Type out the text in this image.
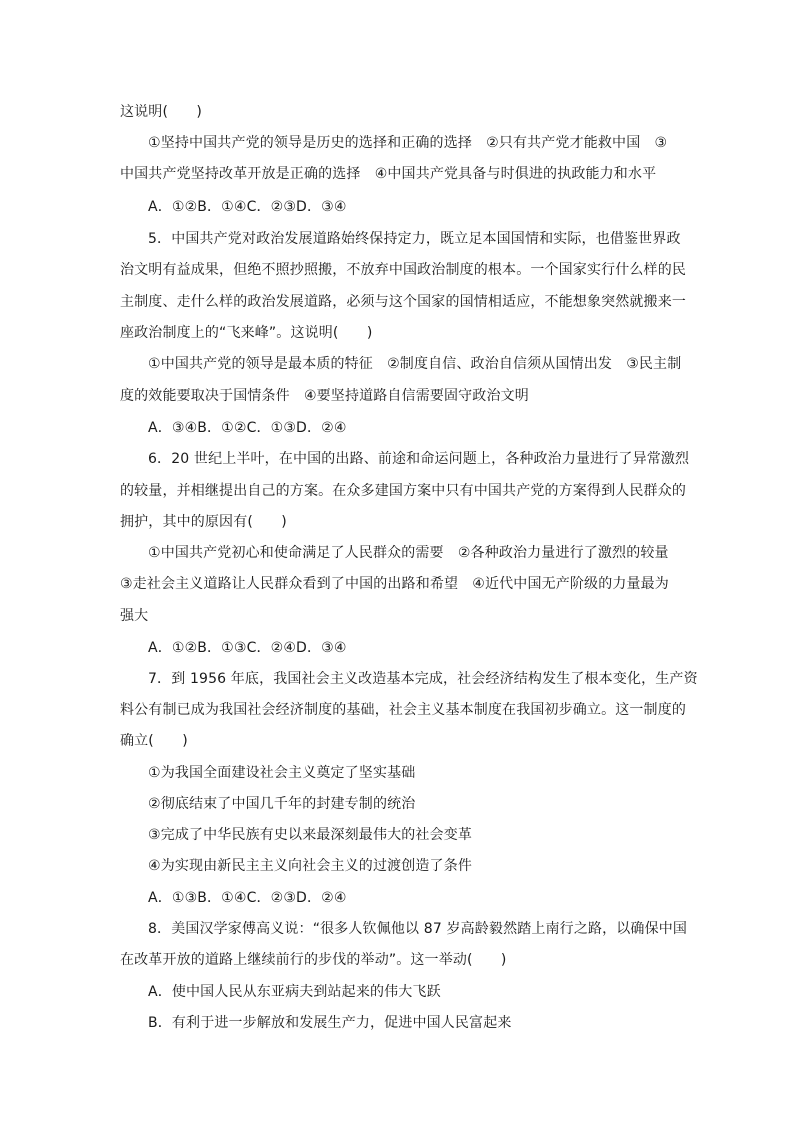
这说明(　　)
①坚持中国共产党的领导是历史的选择和正确的选择　②只有共产党才能救中国　③
中国共产党坚持改革开放是正确的选择　④中国共产党具备与时俱进的执政能力和水平
A．①②B．①④C．②③D．③④
5．中国共产党对政治发展道路始终保持定力，既立足本国国情和实际，也借鉴世界政
治文明有益成果，但绝不照抄照搬，不放弃中国政治制度的根本。一个国家实行什么样的民
主制度、走什么样的政治发展道路，必须与这个国家的国情相适应，不能想象突然就搬来一
座政治制度上的“飞来峰”。这说明(　　)
①中国共产党的领导是最本质的特征　②制度自信、政治自信须从国情出发　③民主制
度的效能要取决于国情条件　④要坚持道路自信需要固守政治文明
A．③④B．①②C．①③D．②④
6．20 世纪上半叶，在中国的出路、前途和命运问题上，各种政治力量进行了异常激烈
的较量，并相继提出自己的方案。在众多建国方案中只有中国共产党的方案得到人民群众的
拥护，其中的原因有(　　)
①中国共产党初心和使命满足了人民群众的需要　②各种政治力量进行了激烈的较量
③走社会主义道路让人民群众看到了中国的出路和希望　④近代中国无产阶级的力量最为
强大
A．①②B．①③C．②④D．③④
7．到 1956 年底，我国社会主义改造基本完成，社会经济结构发生了根本变化，生产资
料公有制已成为我国社会经济制度的基础，社会主义基本制度在我国初步确立。这一制度的
确立(　　)
①为我国全面建设社会主义奠定了坚实基础
②彻底结束了中国几千年的封建专制的统治
③完成了中华民族有史以来最深刻最伟大的社会变革
④为实现由新民主主义向社会主义的过渡创造了条件
A．①③B．①④C．②③D．②④
8．美国汉学家傅高义说：“很多人钦佩他以 87 岁高龄毅然踏上南行之路，以确保中国
在改革开放的道路上继续前行的步伐的举动”。这一举动(　　)
A．使中国人民从东亚病夫到站起来的伟大飞跃
B．有利于进一步解放和发展生产力，促进中国人民富起来
